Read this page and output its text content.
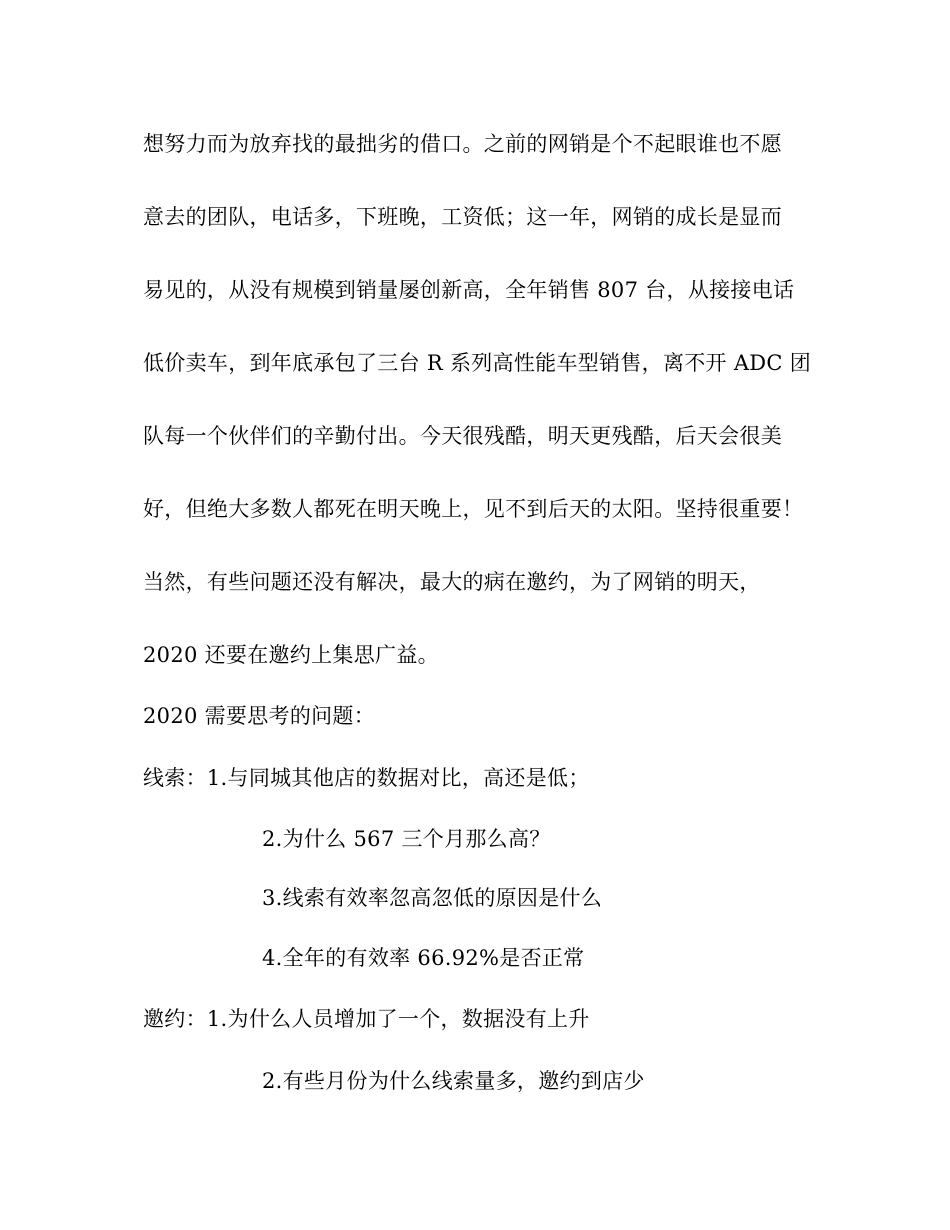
想努力而为放弃找的最拙劣的借口。之前的网销是个不起眼谁也不愿
意去的团队，电话多，下班晚，工资低；这一年，网销的成长是显而
易见的，从没有规模到销量屡创新高，全年销售 807 台，从接接电话
低价卖车，到年底承包了三台 R 系列高性能车型销售，离不开 ADC 团
队每一个伙伴们的辛勤付出。今天很残酷，明天更残酷，后天会很美
好，但绝大多数人都死在明天晚上，见不到后天的太阳。坚持很重要！
当然，有些问题还没有解决，最大的病在邀约，为了网销的明天，
2020 还要在邀约上集思广益。
2020 需要思考的问题：
线索：1.与同城其他店的数据对比，高还是低；
2.为什么 567 三个月那么高？
3.线索有效率忽高忽低的原因是什么
4.全年的有效率 66.92%是否正常
邀约：1.为什么人员增加了一个，数据没有上升
2.有些月份为什么线索量多，邀约到店少
